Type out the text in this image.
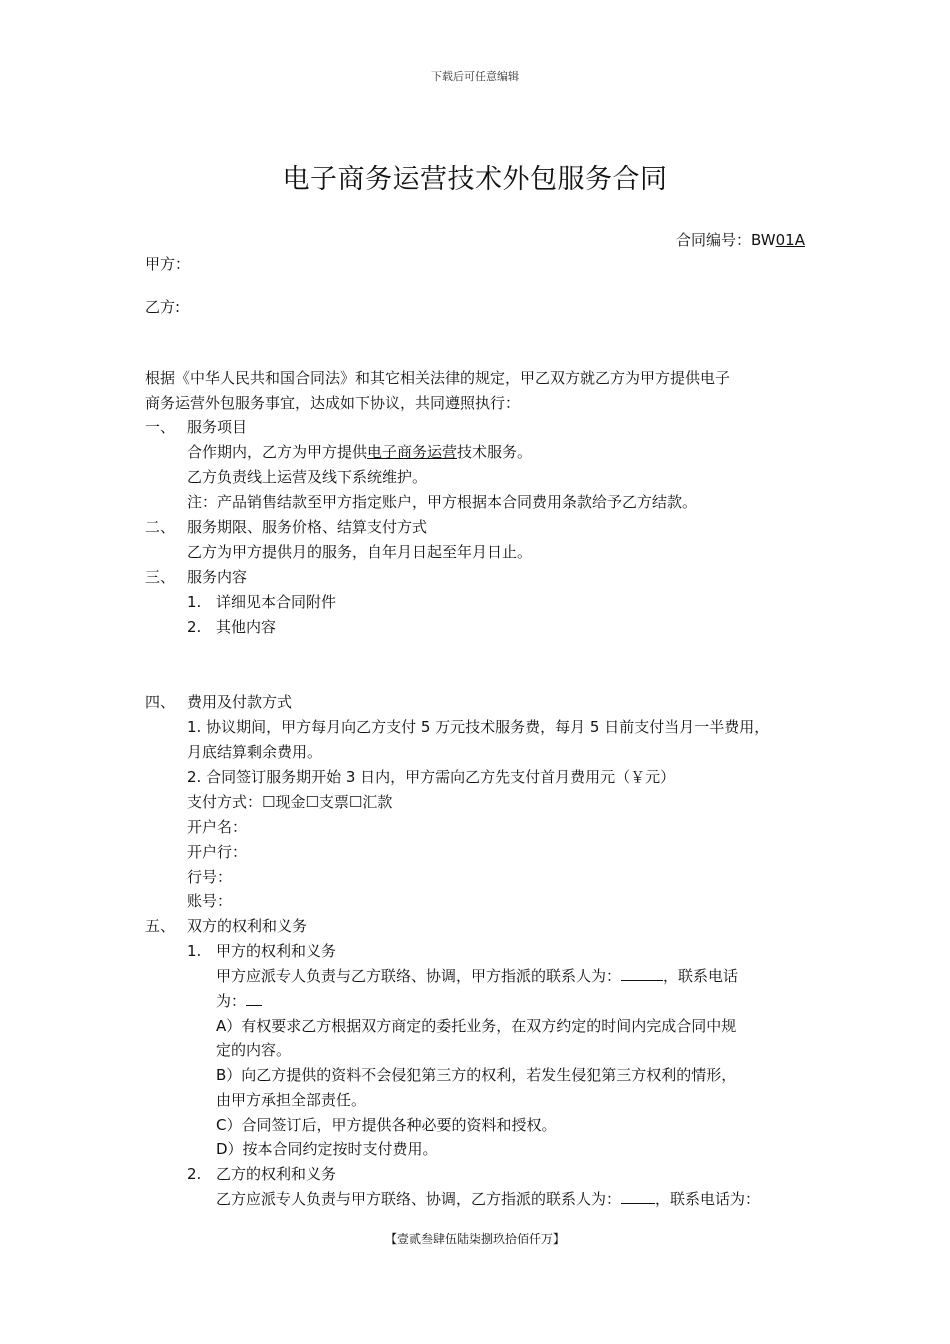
下载后可任意编辑
电子商务运营技术外包服务合同
合同编号：BW01A
甲方：
乙方:
根据《中华人民共和国合同法》和其它相关法律的规定，甲乙双方就乙方为甲方提供电子
商务运营外包服务事宜，达成如下协议，共同遵照执行：
一、 服务项目
合作期内，乙方为甲方提供电子商务运营技术服务。
乙方负责线上运营及线下系统维护。
注：产品销售结款至甲方指定账户，甲方根据本合同费用条款给予乙方结款。
二、 服务期限、服务价格、结算支付方式
乙方为甲方提供月的服务，自年月日起至年月日止。
三、 服务内容
1. 详细见本合同附件
2. 其他内容
四、 费用及付款方式
1. 协议期间，甲方每月向乙方支付 5 万元技术服务费，每月 5 日前支付当月一半费用，
月底结算剩余费用。
2. 合同签订服务期开始 3 日内，甲方需向乙方先支付首月费用元（￥元）
支付方式：☐现金☐支票☐汇款
开户名：
开户行：
行号：
账号：
五、 双方的权利和义务
1. 甲方的权利和义务
甲方应派专人负责与乙方联络、协调，甲方指派的联系人为：	，联系电话
为：
A）有权要求乙方根据双方商定的委托业务，在双方约定的时间内完成合同中规
定的内容。
B）向乙方提供的资料不会侵犯第三方的权利，若发生侵犯第三方权利的情形，
由甲方承担全部责任。
C）合同签订后，甲方提供各种必要的资料和授权。
D）按本合同约定按时支付费用。
2. 乙方的权利和义务
乙方应派专人负责与甲方联络、协调，乙方指派的联系人为： ，联系电话为：
【壹贰叁肆伍陆柒捌玖拾佰仟万】
